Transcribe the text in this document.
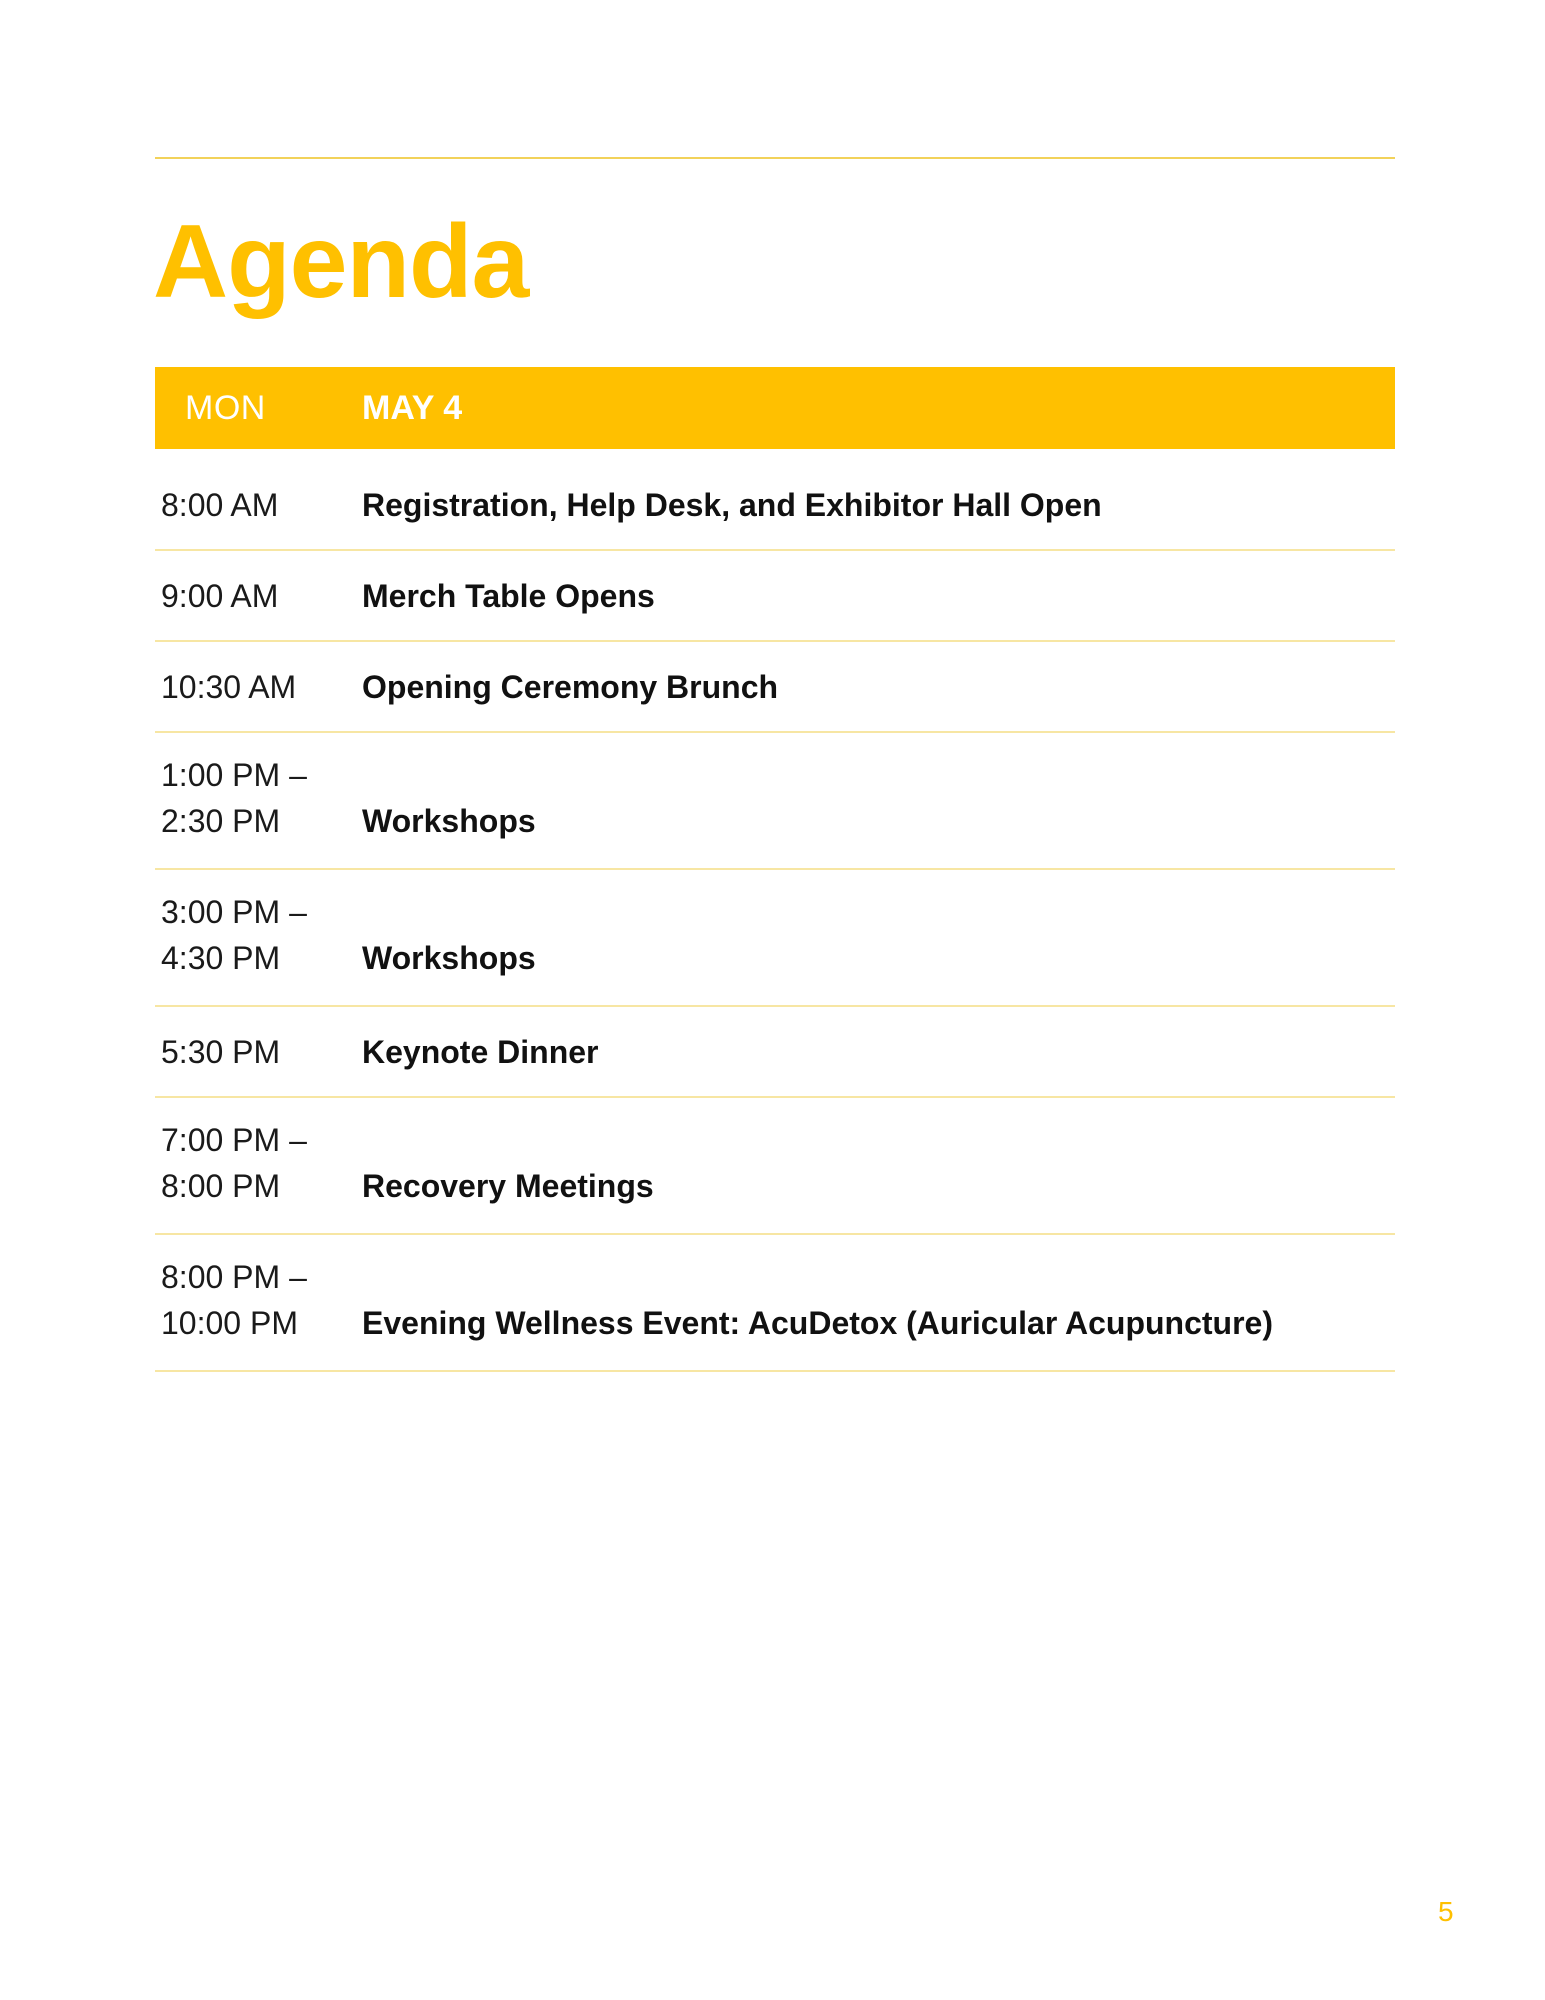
Agenda
MON	MAY 4
8:00 AM	Registration, Help Desk, and Exhibitor Hall Open
9:00 AM	Merch Table Opens
10:30 AM	Opening Ceremony Brunch
1:00 PM –
2:30 PM	Workshops
3:00 PM –
4:30 PM	Workshops
5:30 PM	Keynote Dinner
7:00 PM –
8:00 PM	Recovery Meetings
8:00 PM –
10:00 PM	Evening Wellness Event: AcuDetox (Auricular Acupuncture)
5
